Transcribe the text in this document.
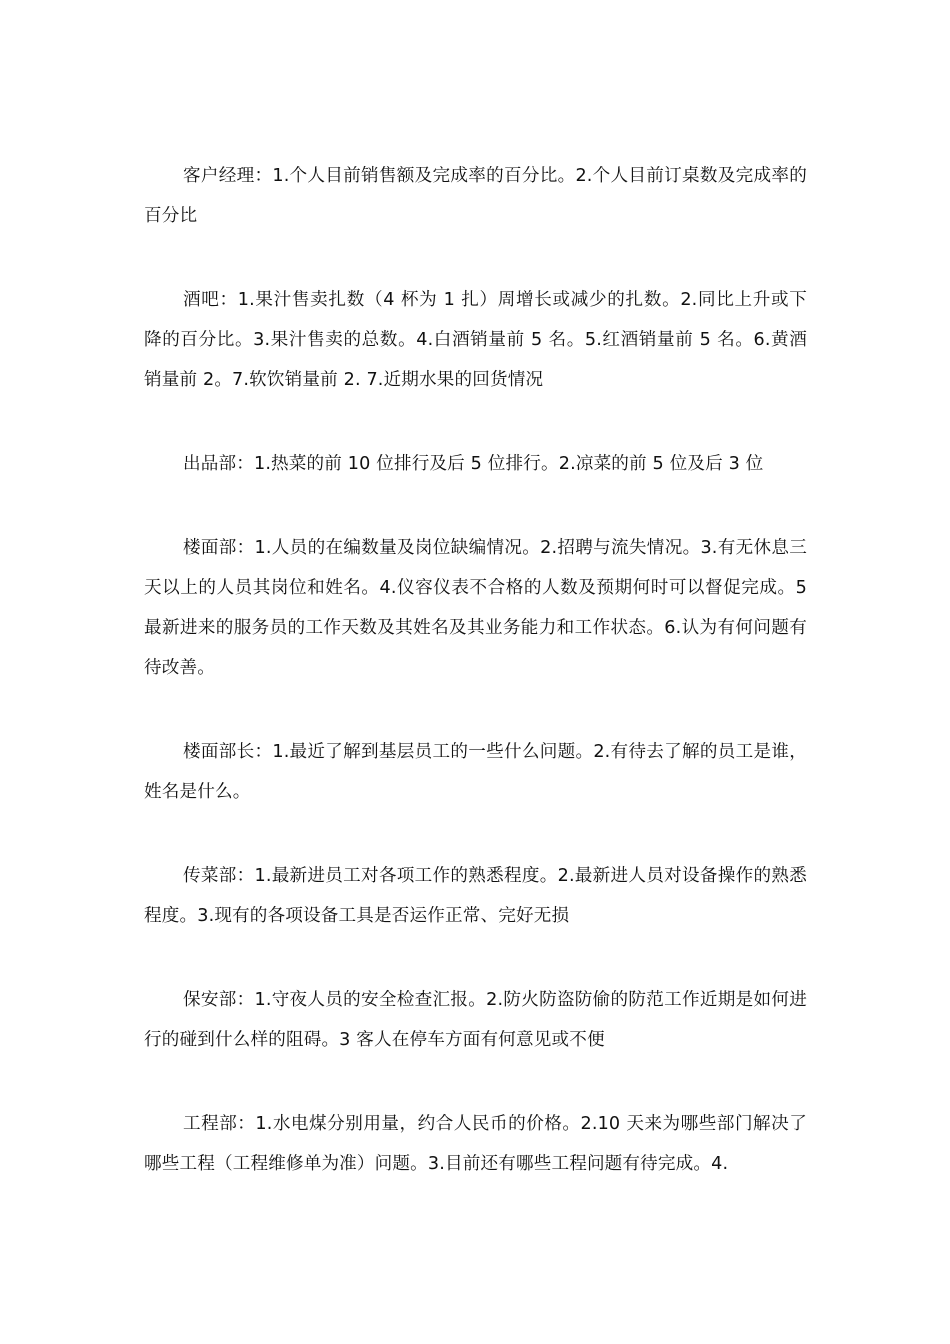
客户经理：1.个人目前销售额及完成率的百分比。2.个人目前订桌数及完成率的百分比

酒吧：1.果汁售卖扎数（4 杯为 1 扎）周增长或减少的扎数。2.同比上升或下降的百分比。3.果汁售卖的总数。4.白酒销量前 5 名。5.红酒销量前 5 名。6.黄酒销量前 2。7.软饮销量前 2. 7.近期水果的回货情况

出品部：1.热菜的前 10 位排行及后 5 位排行。2.凉菜的前 5 位及后 3 位

楼面部：1.人员的在编数量及岗位缺编情况。2.招聘与流失情况。3.有无休息三天以上的人员其岗位和姓名。4.仪容仪表不合格的人数及预期何时可以督促完成。5 最新进来的服务员的工作天数及其姓名及其业务能力和工作状态。6.认为有何问题有待改善。

楼面部长：1.最近了解到基层员工的一些什么问题。2.有待去了解的员工是谁，姓名是什么。

传菜部：1.最新进员工对各项工作的熟悉程度。2.最新进人员对设备操作的熟悉程度。3.现有的各项设备工具是否运作正常、完好无损

保安部：1.守夜人员的安全检查汇报。2.防火防盗防偷的防范工作近期是如何进行的碰到什么样的阻碍。3 客人在停车方面有何意见或不便

工程部：1.水电煤分别用量，约合人民币的价格。2.10 天来为哪些部门解决了哪些工程（工程维修单为准）问题。3.目前还有哪些工程问题有待完成。4.
